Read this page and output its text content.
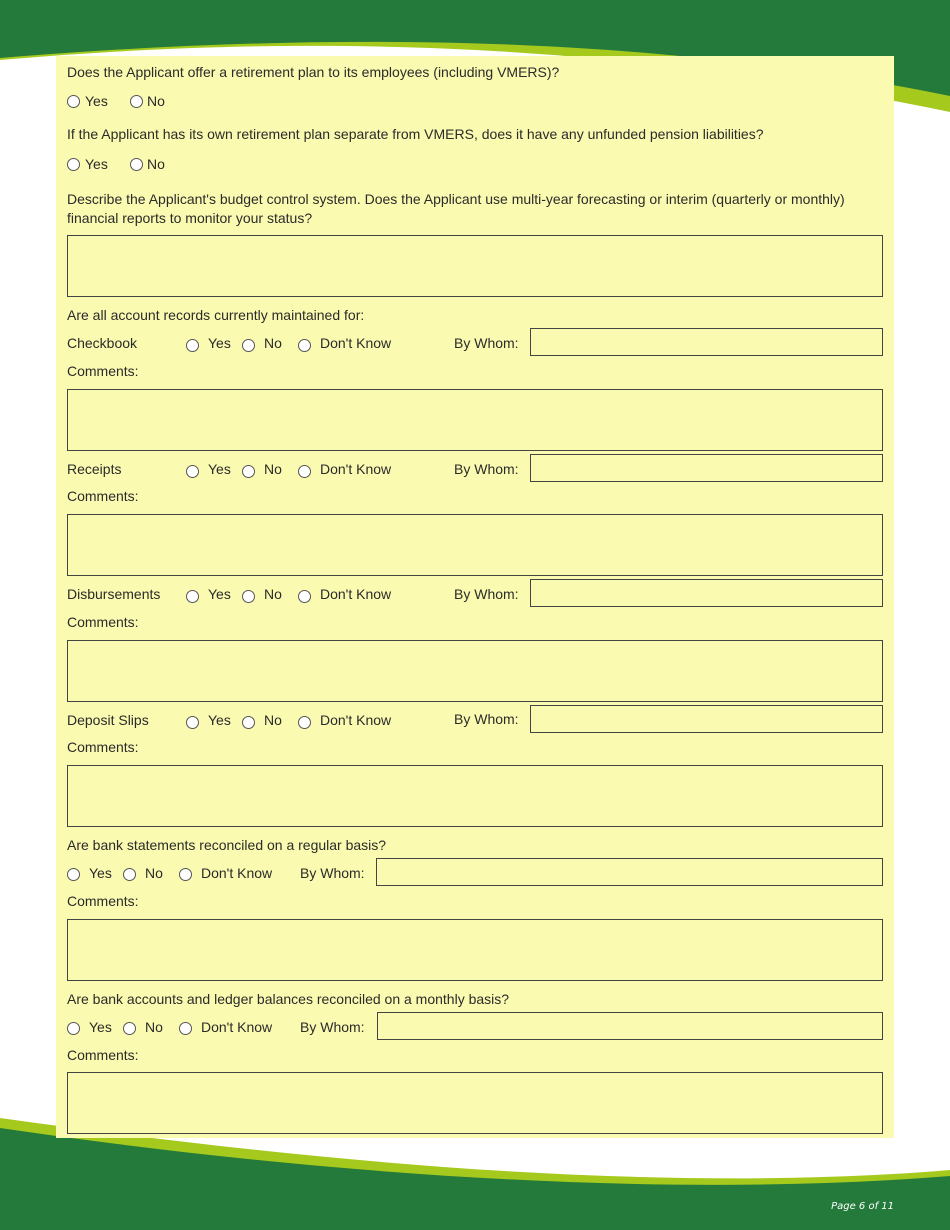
Does the Applicant offer a retirement plan to its employees (including VMERS)?
Yes	No
If the Applicant has its own retirement plan separate from VMERS, does it have any unfunded pension liabilities?
Yes	No
Describe the Applicant's budget control system. Does the Applicant use multi-year forecasting or interim (quarterly or monthly) financial reports to monitor your status?
Are all account records currently maintained for:
Checkbook	Yes No	Don't Know	By Whom:
Comments:
Receipts	Yes No	Don't Know	By Whom:
Comments:
Disbursements	Yes No	Don't Know	By Whom:
Comments:
Deposit Slips	Yes No	Don't Know	By Whom:
Comments:
Are bank statements reconciled on a regular basis?
Yes No	Don't Know By Whom:
Comments:
Are bank accounts and ledger balances reconciled on a monthly basis?
Yes No	Don't Know By Whom:
Comments:
Page 6 of 11
